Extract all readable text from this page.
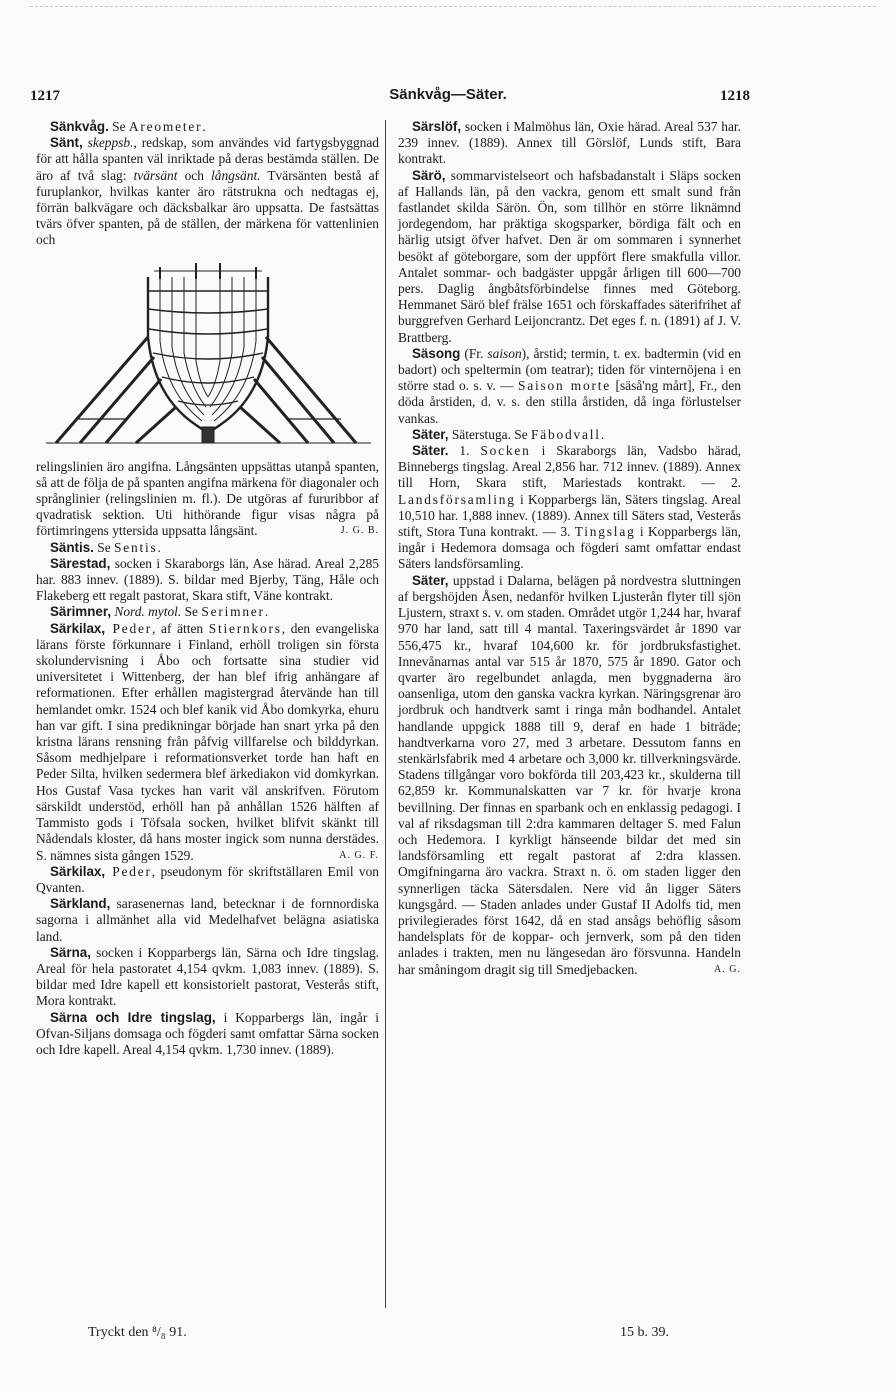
1217	Sänkvåg—Säter.	1218

Sänkvåg. Se Areometer.

Sänt, skeppsb., redskap, som användes vid fartygsbyggnad för att hålla spanten väl inriktade på deras bestämda ställen. De äro af två slag: tvärsänt och långsänt. Tvärsänten bestå af furuplankor, hvilkas kanter äro rätstrukna och nedtagas ej, förrän balkvägare och däcksbalkar äro uppsatta. De fastsättas tvärs öfver spanten, på de ställen, der märkena för vattenlinien och

relingslinien äro angifna. Långsänten uppsättas utanpå spanten, så att de följa de på spanten angifna märkena för diagonaler och språnglinier (relingslinien m. fl.). De utgöras af fururibbor af qvadratisk sektion. Uti hithörande figur visas några på förtimringens yttersida uppsatta långsänt.	J. G. B.

Säntis. Se Sentis.

Särestad, socken i Skaraborgs län, Ase härad. Areal 2,285 har. 883 innev. (1889). S. bildar med Bjerby, Täng, Håle och Flakeberg ett regalt pastorat, Skara stift, Väne kontrakt.

Särimner, Nord. mytol. Se Serimner.

Särkilax, Peder, af ätten Stiernkors, den evangeliska lärans förste förkunnare i Finland, erhöll troligen sin första skolundervisning i Åbo och fortsatte sina studier vid universitetet i Wittenberg, der han blef ifrig anhängare af reformationen. Efter erhållen magistergrad återvände han till hemlandet omkr. 1524 och blef kanik vid Åbo domkyrka, ehuru han var gift. I sina predikningar började han snart yrka på den kristna lärans rensning från påfvig villfarelse och bilddyrkan. Såsom medhjelpare i reformationsverket torde han haft en Peder Silta, hvilken sedermera blef ärkediakon vid domkyrkan. Hos Gustaf Vasa tyckes han varit väl anskrifven. Förutom särskildt understöd, erhöll han på anhållan 1526 hälften af Tammisto gods i Töfsala socken, hvilket blifvit skänkt till Nådendals kloster, då hans moster ingick som nunna derstädes. S. nämnes sista gången 1529.	A. G. F.

Särkilax, Peder, pseudonym för skriftställaren Emil von Qvanten.

Särkland, sarasenernas land, betecknar i de fornnordiska sagorna i allmänhet alla vid Medelhafvet belägna asiatiska land.

Särna, socken i Kopparbergs län, Särna och Idre tingslag. Areal för hela pastoratet 4,154 qvkm. 1,083 innev. (1889). S. bildar med Idre kapell ett konsistorielt pastorat, Vesterås stift, Mora kontrakt.

Särna och Idre tingslag, i Kopparbergs län, ingår i Ofvan-Siljans domsaga och fögderi samt omfattar Särna socken och Idre kapell. Areal 4,154 qvkm. 1,730 innev. (1889).

Särslöf, socken i Malmöhus län, Oxie härad. Areal 537 har. 239 innev. (1889). Annex till Görslöf, Lunds stift, Bara kontrakt.

Särö, sommarvistelseort och hafsbadanstalt i Släps socken af Hallands län, på den vackra, genom ett smalt sund från fastlandet skilda Särön. Ön, som tillhör en större liknämnd jordegendom, har präktiga skogsparker, bördiga fält och en härlig utsigt öfver hafvet. Den är om sommaren i synnerhet besökt af göteborgare, som der uppfört flere smakfulla villor. Antalet sommar- och badgäster uppgår årligen till 600—700 pers. Daglig ångbåtsförbindelse finnes med Göteborg. Hemmanet Särö blef frälse 1651 och förskaffades säterifrihet af burggrefven Gerhard Leijoncrantz. Det eges f. n. (1891) af J. V. Brattberg.

Säsong (Fr. saison), årstid; termin, t. ex. badtermin (vid en badort) och speltermin (om teatrar); tiden för vinternöjena i en större stad o. s. v. — Saison morte [säså'ng mårt], Fr., den döda årstiden, d. v. s. den stilla årstiden, då inga förlustelser vankas.

Säter, Säterstuga. Se Fäbodvall.

Säter. 1. Socken i Skaraborgs län, Vadsbo härad, Binnebergs tingslag. Areal 2,856 har. 712 innev. (1889). Annex till Horn, Skara stift, Mariestads kontrakt. — 2. Landsförsamling i Kopparbergs län, Säters tingslag. Areal 10,510 har. 1,888 innev. (1889). Annex till Säters stad, Vesterås stift, Stora Tuna kontrakt. — 3. Tingslag i Kopparbergs län, ingår i Hedemora domsaga och fögderi samt omfattar endast Säters landsförsamling.

Säter, uppstad i Dalarna, belägen på nordvestra sluttningen af bergshöjden Åsen, nedanför hvilken Ljusterån flyter till sjön Ljustern, straxt s. v. om staden. Området utgör 1,244 har, hvaraf 970 har land, satt till 4 mantal. Taxeringsvärdet år 1890 var 556,475 kr., hvaraf 104,600 kr. för jordbruksfastighet. Innevånarnas antal var 515 år 1870, 575 år 1890. Gator och qvarter äro regelbundet anlagda, men byggnaderna äro oansenliga, utom den ganska vackra kyrkan. Näringsgrenar äro jordbruk och handtverk samt i ringa mån bodhandel. Antalet handlande uppgick 1888 till 9, deraf en hade 1 biträde; handtverkarna voro 27, med 3 arbetare. Dessutom fanns en stenkärlsfabrik med 4 arbetare och 3,000 kr. tillverkningsvärde. Stadens tillgångar voro bokförda till 203,423 kr., skulderna till 62,859 kr. Kommunalskatten var 7 kr. för hvarje krona bevillning. Der finnas en sparbank och en enklassig pedagogi. I val af riksdagsman till 2:dra kammaren deltager S. med Falun och Hedemora. I kyrkligt hänseende bildar det med sin landsförsamling ett regalt pastorat af 2:dra klassen. Omgifningarna äro vackra. Straxt n. ö. om staden ligger den synnerligen täcka Sätersdalen. Nere vid ån ligger Säters kungsgård. — Staden anlades under Gustaf II Adolfs tid, men privilegierades först 1642, då en stad ansågs behöflig såsom handelsplats för de koppar- och jernverk, som på den tiden anlades i trakten, men nu längesedan äro försvunna. Handeln har småningom dragit sig till Smedjebacken.	A. G.

Tryckt den ⁸/₈ 91.	15 b. 39.
